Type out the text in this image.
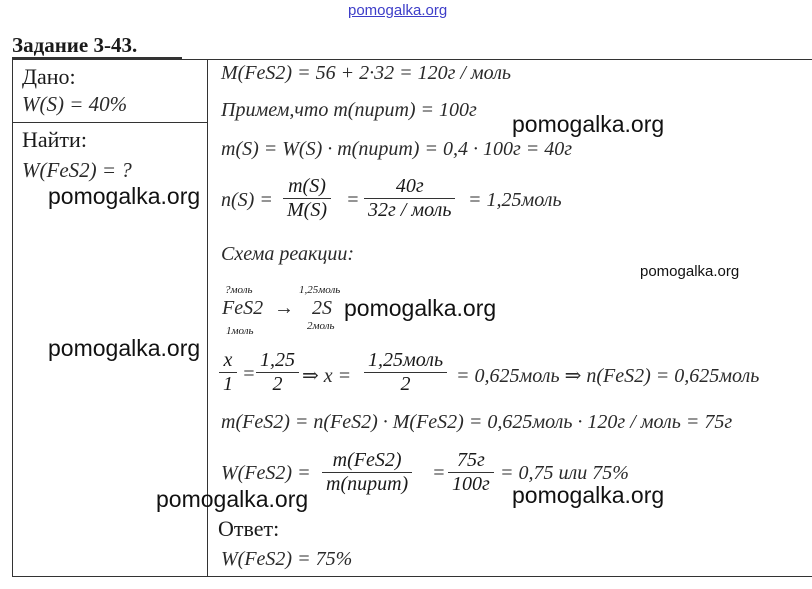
pomogalka.org
Задание 3-43.
Дано:
W(S) = 40%
Найти:
W(FeS2) = ?
M(FeS2) = 56 + 2·32 = 120г / моль
Примем,что m(пирит) = 100г
m(S) = W(S) · m(пирит) = 0,4 · 100г = 40г
n(S) =
m(S)
M(S) =
40г
32г / моль = 1,25моль
Схема реакции:
?моль
FeS2
1моль
→
1,25моль
2S
2моль
x
1 =
1,25
2 ⇒ x =
1,25моль
2 = 0,625моль ⇒ n(FeS2) = 0,625моль
m(FeS2) = n(FeS2) · M(FeS2) = 0,625моль · 120г / моль = 75г
W(FeS2) =
m(FeS2)
m(пирит) =
75г
100г = 0,75 или 75%
Ответ:
W(FeS2) = 75%
pomogalka.org
pomogalka.org
pomogalka.org
pomogalka.org
pomogalka.org
pomogalka.org	pomogalka.org
